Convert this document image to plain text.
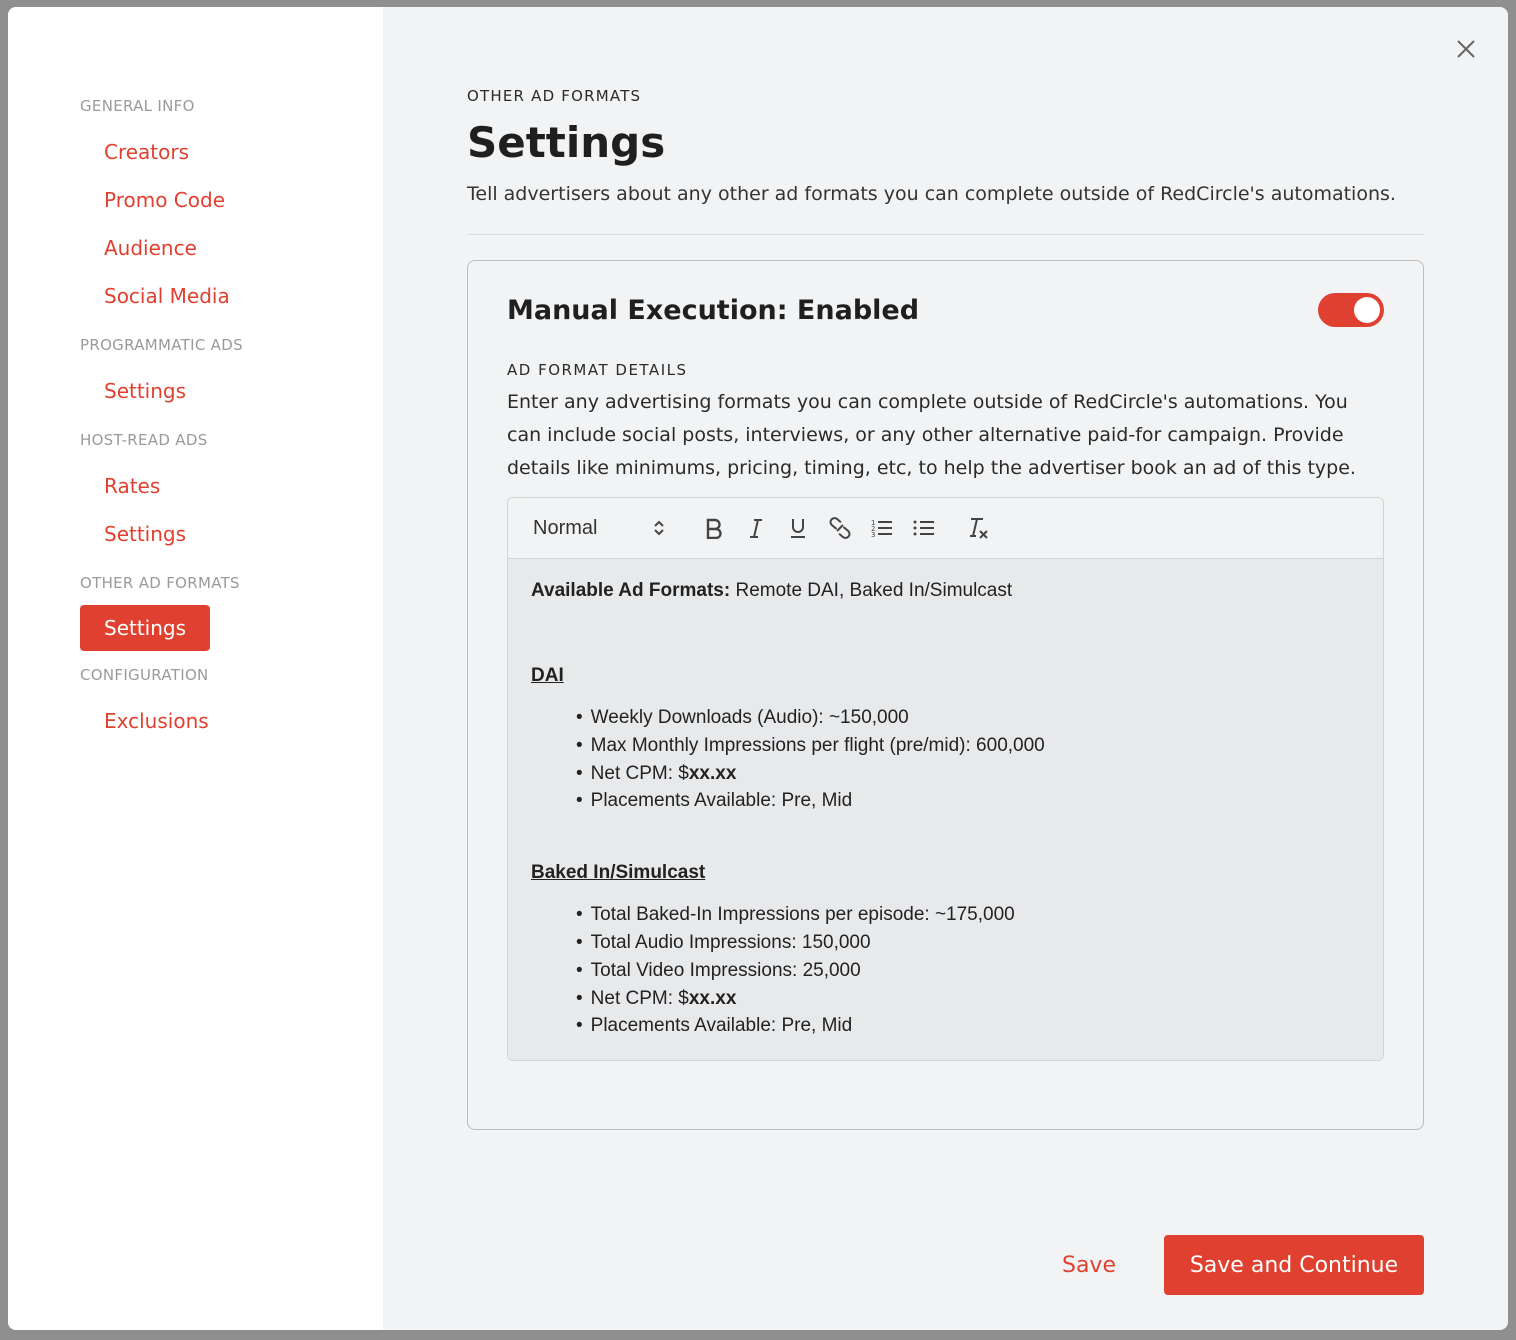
GENERAL INFO
Creators
Promo Code
Audience
Social Media
PROGRAMMATIC ADS
Settings
HOST-READ ADS
Rates
Settings
OTHER AD FORMATS
Settings
CONFIGURATION
Exclusions
OTHER AD FORMATS
Settings

Tell advertisers about any other ad formats you can complete outside of RedCircle's automations.

Manual Execution: Enabled
AD FORMAT DETAILS

Enter any advertising formats you can complete outside of RedCircle's automations. You can include social posts, interviews, or any other alternative paid-for campaign. Provide details like minimums, pricing, timing, etc, to help the advertiser book an ad of this type.

Normal	1
2
3

Available Ad Formats: Remote DAI, Baked In/Simulcast

DAI

• Weekly Downloads (Audio): ~150,000
• Max Monthly Impressions per flight (pre/mid): 600,000
• Net CPM: $xx.xx
• Placements Available: Pre, Mid

Baked In/Simulcast

• Total Baked-In Impressions per episode: ~175,000
• Total Audio Impressions: 150,000
• Total Video Impressions: 25,000
• Net CPM: $xx.xx
• Placements Available: Pre, Mid
Save	Save and Continue
